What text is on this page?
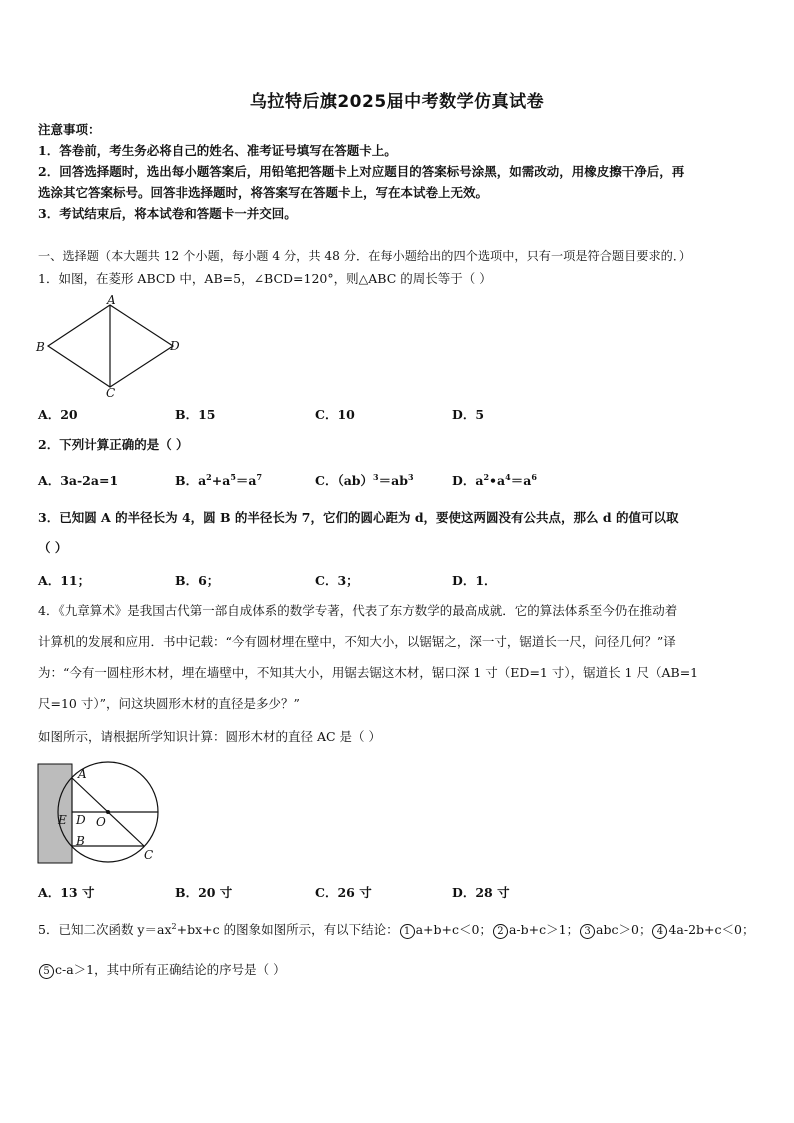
乌拉特后旗2025届中考数学仿真试卷
注意事项：
1．答卷前，考生务必将自己的姓名、准考证号填写在答题卡上。
2．回答选择题时，选出每小题答案后，用铅笔把答题卡上对应题目的答案标号涂黑，如需改动，用橡皮擦干净后，再
选涂其它答案标号。回答非选择题时，将答案写在答题卡上，写在本试卷上无效。
3．考试结束后，将本试卷和答题卡一并交回。
一、选择题（本大题共 12 个小题，每小题 4 分，共 48 分．在每小题给出的四个选项中，只有一项是符合题目要求的．）
1．如图，在菱形 ABCD 中，AB=5，∠BCD=120°，则△ABC 的周长等于（ ）
A
B
C
D
A．20	B．15	C．10	D．5
2．下列计算正确的是（ ）
A．3a-2a=1	B．$a^2+a^5=a^7$	C．$(ab)^3=ab^3$	D．$a^2•a^4=a^6$
3．已知圆 A 的半径长为 4，圆 B 的半径长为 7，它们的圆心距为 d，要使这两圆没有公共点，那么 d 的值可以取
（ ）
A．11；	B．6；	C．3；	D．1．
4．《九章算术》是我国古代第一部自成体系的数学专著，代表了东方数学的最高成就．它的算法体系至今仍在推动着
计算机的发展和应用．书中记载：“今有圆材埋在壁中，不知大小，以锯锯之，深一寸，锯道长一尺，问径几何？”译
为：“今有一圆柱形木材，埋在墙壁中，不知其大小，用锯去锯这木材，锯口深 1 寸（ED=1 寸），锯道长 1 尺（AB=1
尺=10 寸）”，问这块圆形木材的直径是多少？”
如图所示，请根据所学知识计算：圆形木材的直径 AC 是（ ）
A
E D O
B
C
A．13 寸	B．20 寸	C．26 寸	D．28 寸
5．已知二次函数 $y=ax^2+bx+c$ 的图象如图所示，有以下结论： 1 a+b+c＜0； 2 a-b+c＞1； 3 abc＞0； 4 4a-2b+c＜0；
5 c-a＞1，其中所有正确结论的序号是（ ）
